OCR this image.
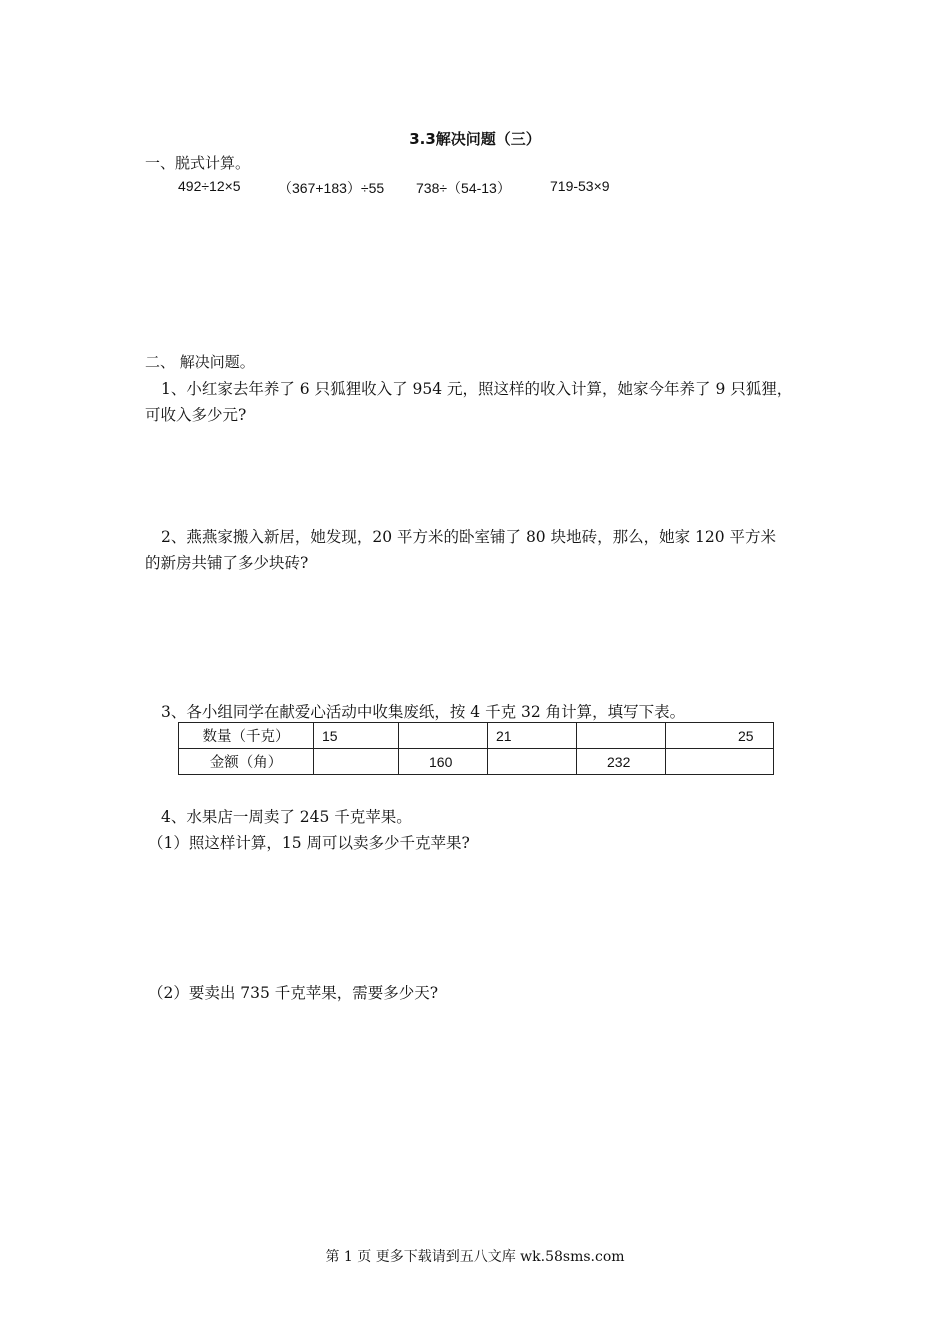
3.3解决问题（三）
一、脱式计算。
492÷12×5	（367+183）÷55 738÷（54-13）	719-53×9
二、 解决问题。
1、小红家去年养了 6 只狐狸收入了 954 元，照这样的收入计算，她家今年养了 9 只狐狸，
可收入多少元?
2、燕燕家搬入新居，她发现，20 平方米的卧室铺了 80 块地砖，那么，她家 120 平方米
的新房共铺了多少块砖?
3、各小组同学在献爱心活动中收集废纸，按 4 千克 32 角计算，填写下表。
数量（千克）	15		21		25
金额（角）		160		232	
4、水果店一周卖了 245 千克苹果。
（1）照这样计算，15 周可以卖多少千克苹果?
（2）要卖出 735 千克苹果，需要多少天?
第 1 页 更多下载请到五八文库 wk.58sms.com
